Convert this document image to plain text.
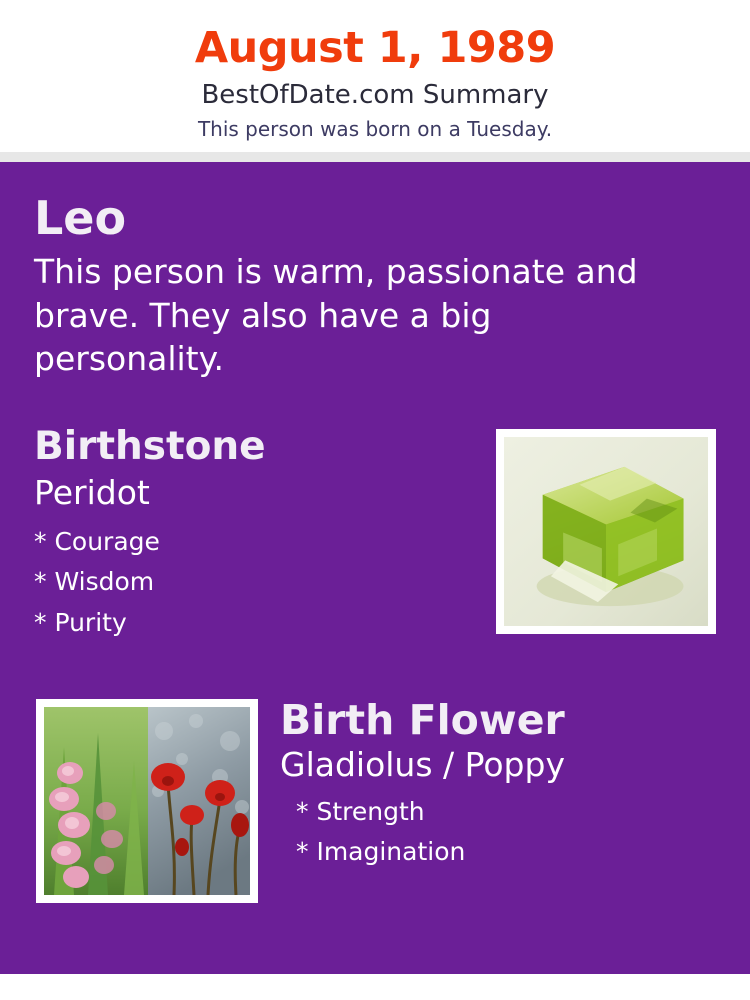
August 1, 1989
BestOfDate.com Summary
This person was born on a Tuesday.
Leo
This person is warm, passionate and brave. They also have a big personality.
Birthstone
Peridot
* Courage
* Wisdom
* Purity
Birth Flower
Gladiolus / Poppy
* Strength
* Imagination
